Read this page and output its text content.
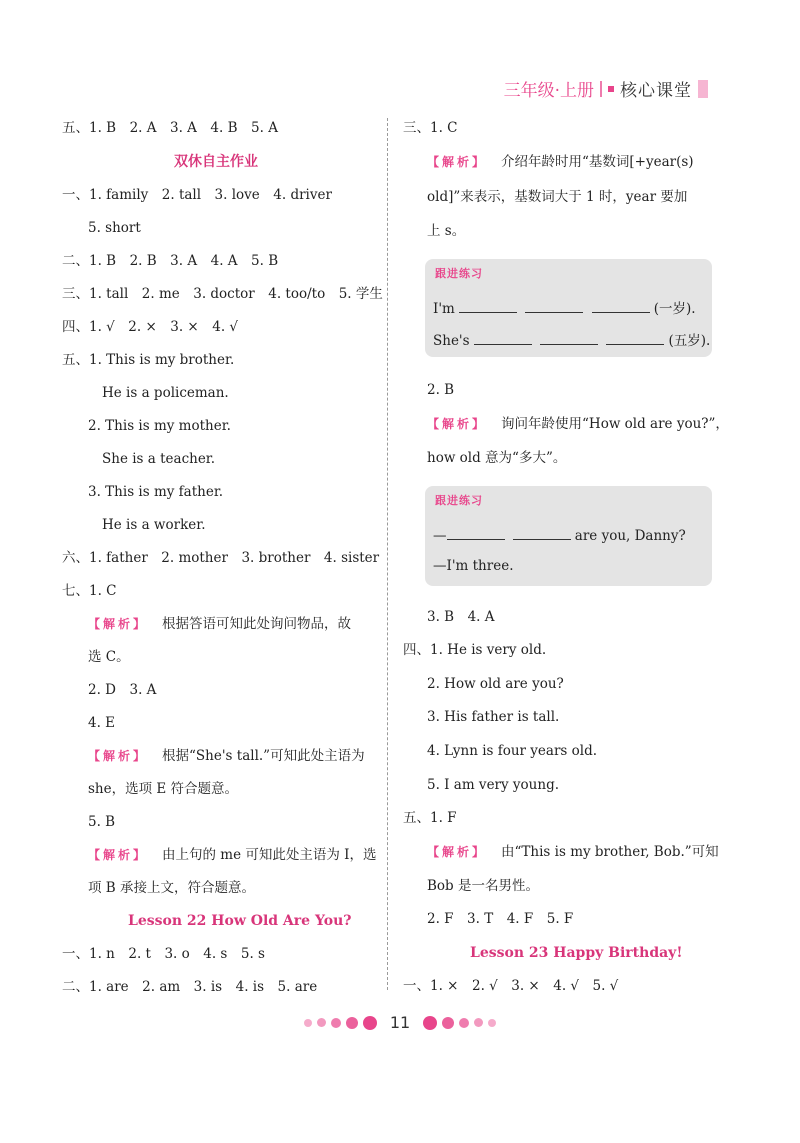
三年级·上册 核心课堂
五、1. B　2. A　3. A　4. B　5. A
双休自主作业
一、1. family　2. tall　3. love　4. driver
5. short
二、1. B　2. B　3. A　4. A　5. B
三、1. tall　2. me　3. doctor　4. too/to　5. 学生
四、1. √　2. ×　3. ×　4. √
五、1. This is my brother.
He is a policeman.
2. This is my mother.
She is a teacher.
3. This is my father.
He is a worker.
六、1. father　2. mother　3. brother　4. sister
七、1. C
【解析】 根据答语可知此处询问物品，故
选 C。
2. D　3. A
4. E
【解析】 根据“She's tall.”可知此处主语为
she，选项 E 符合题意。
5. B
【解析】 由上句的 me 可知此处主语为 I，选
项 B 承接上文，符合题意。
Lesson 22 How Old Are You?
一、1. n　2. t　3. o　4. s　5. s
二、1. are　2. am　3. is　4. is　5. are
三、1. C
【解析】 介绍年龄时用“基数词[+year(s)
old]”来表示，基数词大于 1 时，year 要加
上 s。
跟进练习
I'm	(一岁).
She's	(五岁).
2. B
【解析】 询问年龄使用“How old are you?”，
how old 意为“多大”。
跟进练习
—	are you, Danny?
—I'm three.
3. B　4. A
四、1. He is very old.
2. How old are you?
3. His father is tall.
4. Lynn is four years old.
5. I am very young.
五、1. F
【解析】 由“This is my brother, Bob.”可知
Bob 是一名男性。
2. F　3. T　4. F　5. F
Lesson 23 Happy Birthday!
一、1. ×　2. √　3. ×　4. √　5. √
11
